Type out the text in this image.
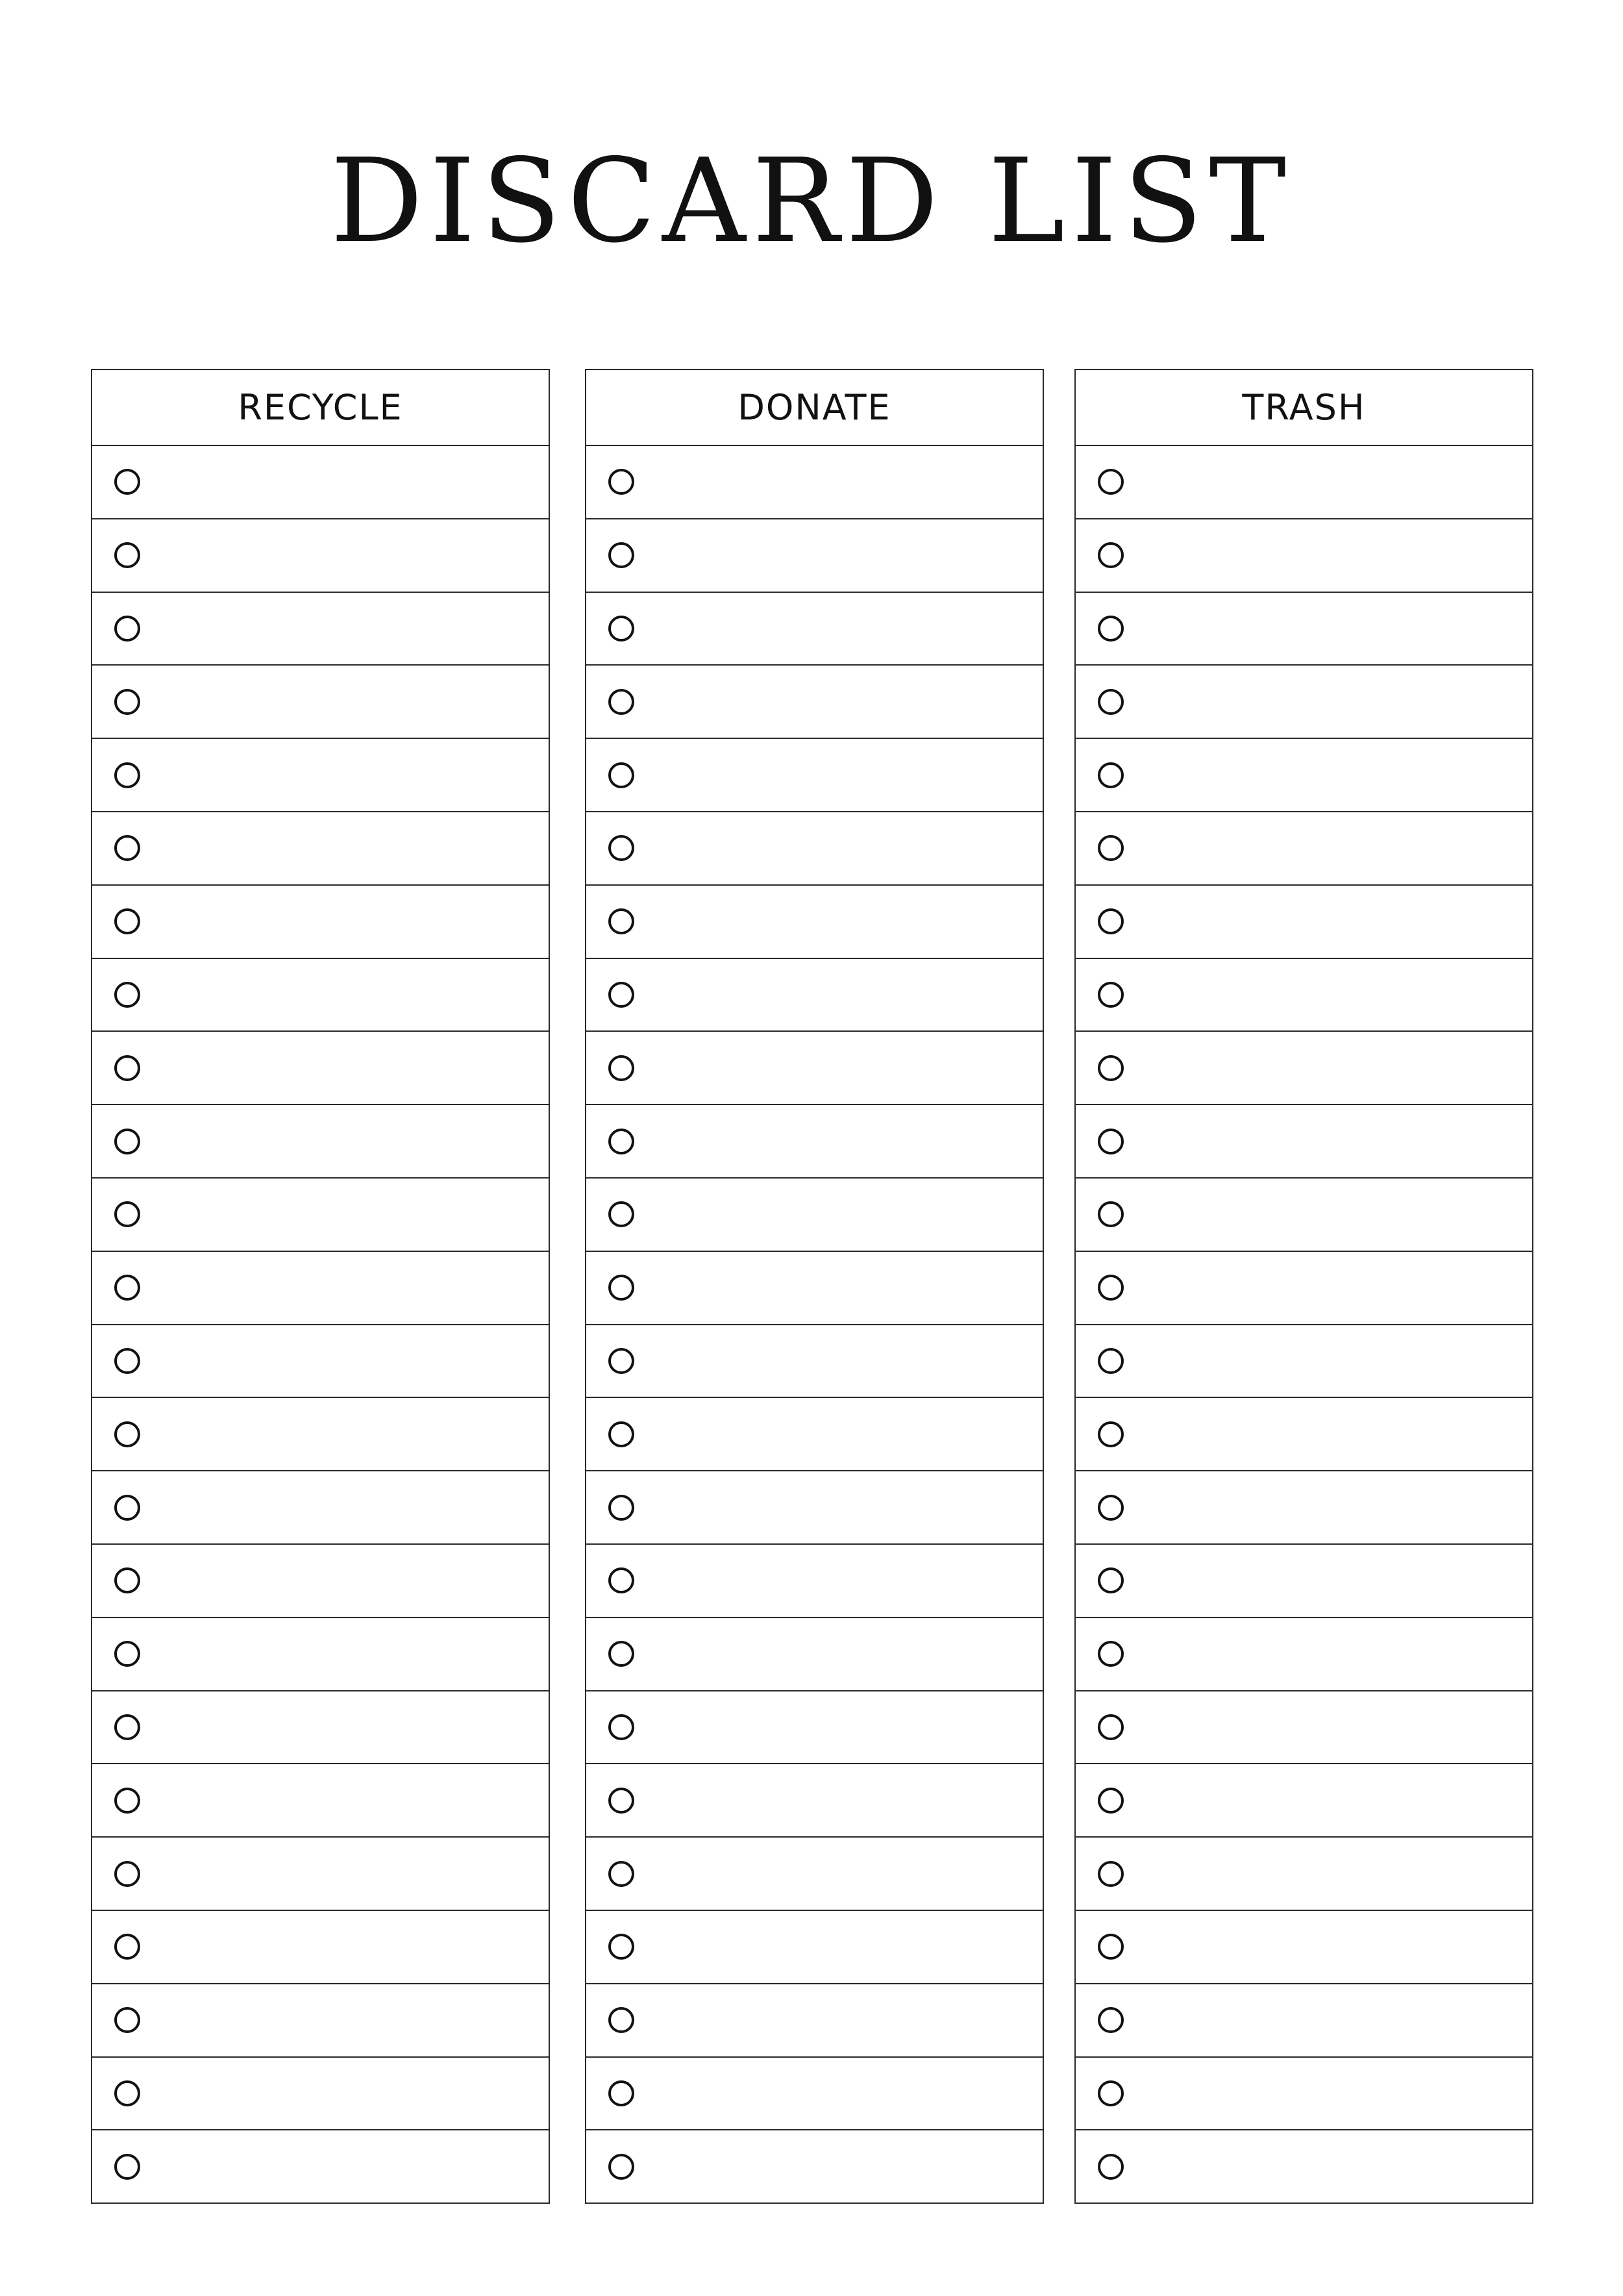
DISCARD LIST
RECYCLE	DONATE	TRASH
